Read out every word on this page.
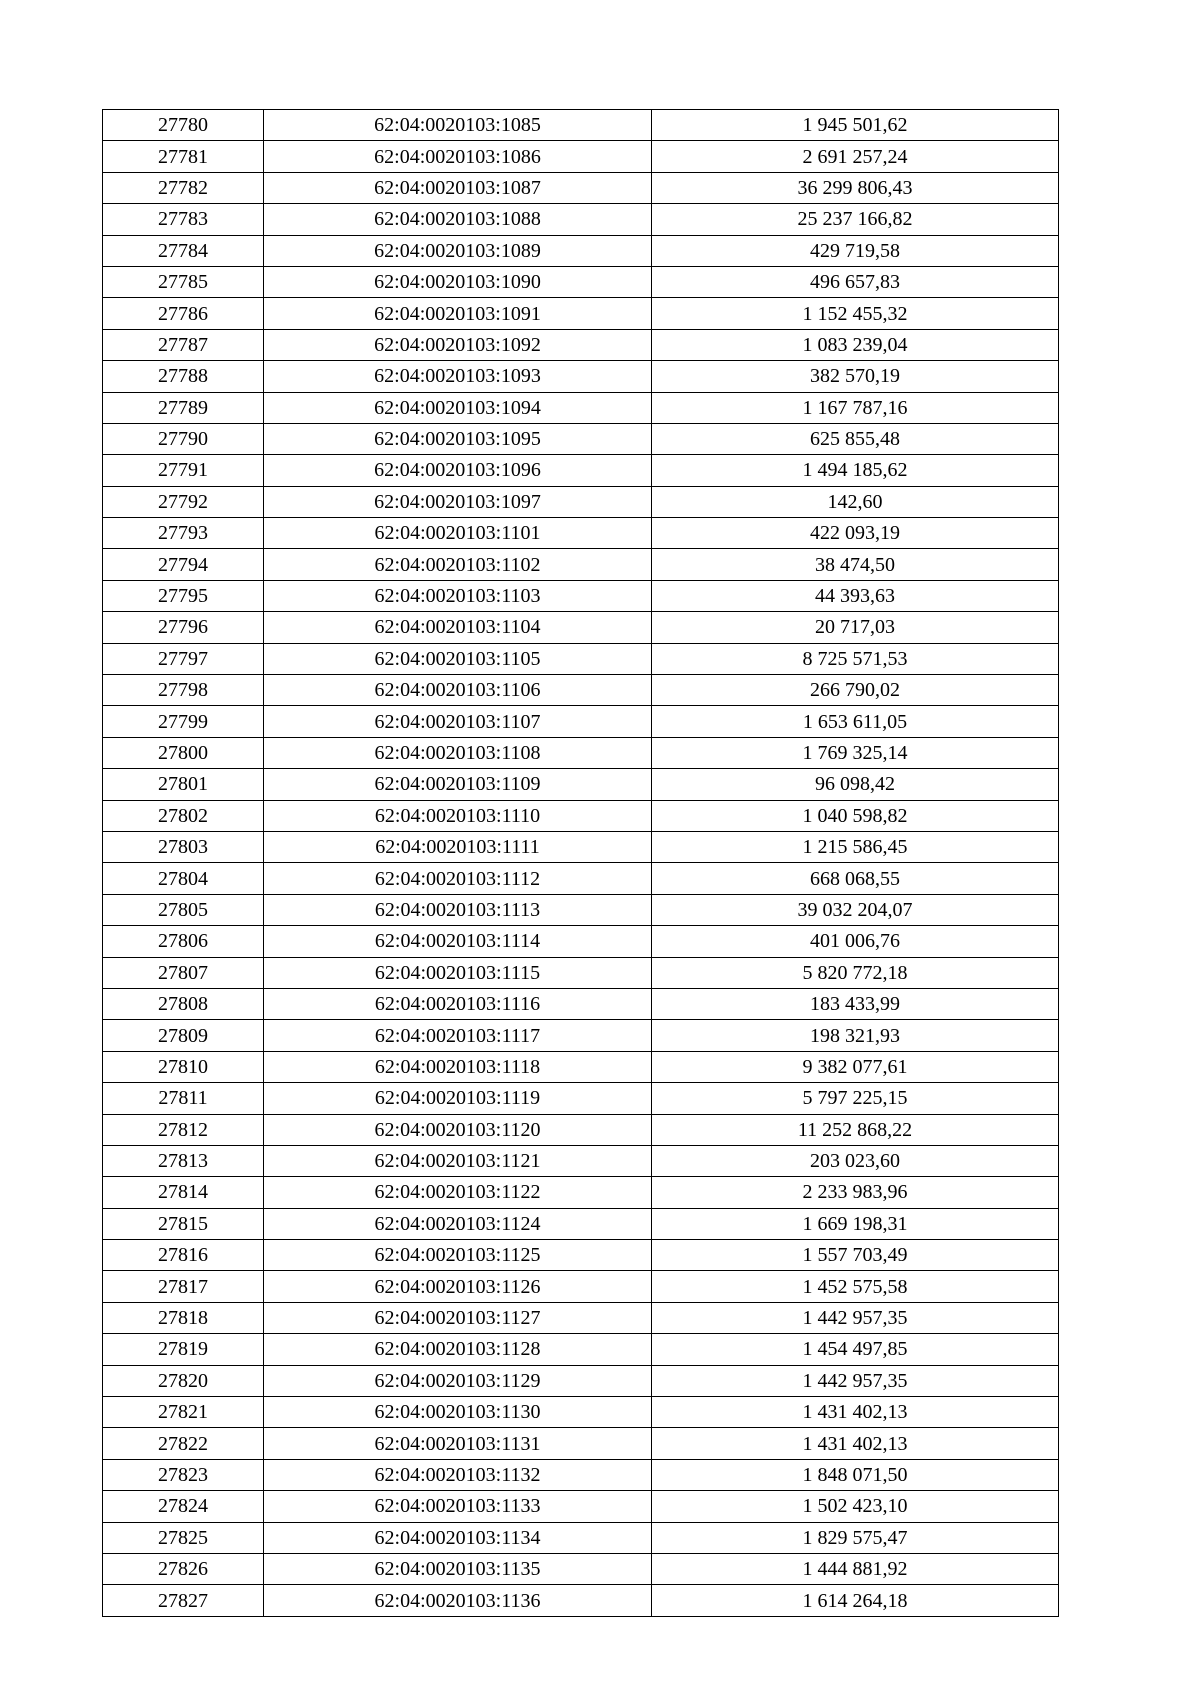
27780	62:04:0020103:1085	1 945 501,62
27781	62:04:0020103:1086	2 691 257,24
27782	62:04:0020103:1087	36 299 806,43
27783	62:04:0020103:1088	25 237 166,82
27784	62:04:0020103:1089	429 719,58
27785	62:04:0020103:1090	496 657,83
27786	62:04:0020103:1091	1 152 455,32
27787	62:04:0020103:1092	1 083 239,04
27788	62:04:0020103:1093	382 570,19
27789	62:04:0020103:1094	1 167 787,16
27790	62:04:0020103:1095	625 855,48
27791	62:04:0020103:1096	1 494 185,62
27792	62:04:0020103:1097	142,60
27793	62:04:0020103:1101	422 093,19
27794	62:04:0020103:1102	38 474,50
27795	62:04:0020103:1103	44 393,63
27796	62:04:0020103:1104	20 717,03
27797	62:04:0020103:1105	8 725 571,53
27798	62:04:0020103:1106	266 790,02
27799	62:04:0020103:1107	1 653 611,05
27800	62:04:0020103:1108	1 769 325,14
27801	62:04:0020103:1109	96 098,42
27802	62:04:0020103:1110	1 040 598,82
27803	62:04:0020103:1111	1 215 586,45
27804	62:04:0020103:1112	668 068,55
27805	62:04:0020103:1113	39 032 204,07
27806	62:04:0020103:1114	401 006,76
27807	62:04:0020103:1115	5 820 772,18
27808	62:04:0020103:1116	183 433,99
27809	62:04:0020103:1117	198 321,93
27810	62:04:0020103:1118	9 382 077,61
27811	62:04:0020103:1119	5 797 225,15
27812	62:04:0020103:1120	11 252 868,22
27813	62:04:0020103:1121	203 023,60
27814	62:04:0020103:1122	2 233 983,96
27815	62:04:0020103:1124	1 669 198,31
27816	62:04:0020103:1125	1 557 703,49
27817	62:04:0020103:1126	1 452 575,58
27818	62:04:0020103:1127	1 442 957,35
27819	62:04:0020103:1128	1 454 497,85
27820	62:04:0020103:1129	1 442 957,35
27821	62:04:0020103:1130	1 431 402,13
27822	62:04:0020103:1131	1 431 402,13
27823	62:04:0020103:1132	1 848 071,50
27824	62:04:0020103:1133	1 502 423,10
27825	62:04:0020103:1134	1 829 575,47
27826	62:04:0020103:1135	1 444 881,92
27827	62:04:0020103:1136	1 614 264,18
